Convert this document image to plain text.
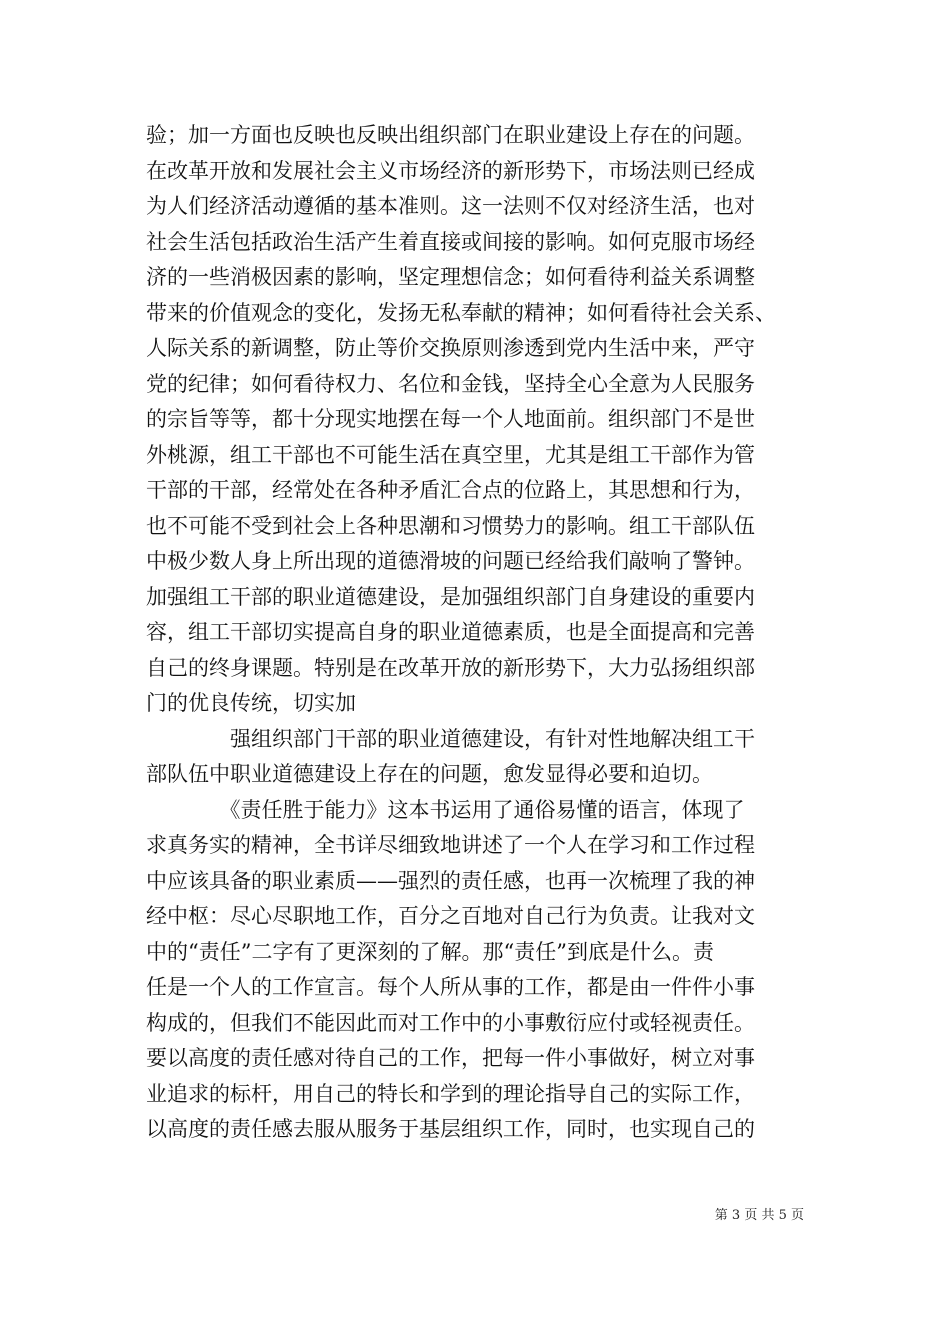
验；加一方面也反映也反映出组织部门在职业建设上存在的问题。
在改革开放和发展社会主义市场经济的新形势下，市场法则已经成
为人们经济活动遵循的基本准则。这一法则不仅对经济生活，也对
社会生活包括政治生活产生着直接或间接的影响。如何克服市场经
济的一些消极因素的影响，坚定理想信念；如何看待利益关系调整
带来的价值观念的变化，发扬无私奉献的精神；如何看待社会关系、
人际关系的新调整，防止等价交换原则渗透到党内生活中来，严守
党的纪律；如何看待权力、名位和金钱，坚持全心全意为人民服务
的宗旨等等，都十分现实地摆在每一个人地面前。组织部门不是世
外桃源，组工干部也不可能生活在真空里，尤其是组工干部作为管
干部的干部，经常处在各种矛盾汇合点的位路上，其思想和行为，
也不可能不受到社会上各种思潮和习惯势力的影响。组工干部队伍
中极少数人身上所出现的道德滑坡的问题已经给我们敲响了警钟。
加强组工干部的职业道德建设，是加强组织部门自身建设的重要内
容，组工干部切实提高自身的职业道德素质，也是全面提高和完善
自己的终身课题。特别是在改革开放的新形势下，大力弘扬组织部
门的优良传统，切实加
　　　　强组织部门干部的职业道德建设，有针对性地解决组工干
部队伍中职业道德建设上存在的问题，愈发显得必要和迫切。
　　　　《责任胜于能力》这本书运用了通俗易懂的语言，体现了
求真务实的精神，全书详尽细致地讲述了一个人在学习和工作过程
中应该具备的职业素质——强烈的责任感，也再一次梳理了我的神
经中枢：尽心尽职地工作，百分之百地对自己行为负责。让我对文
中的“责任”二字有了更深刻的了解。那“责任”到底是什么。责
任是一个人的工作宣言。每个人所从事的工作，都是由一件件小事
构成的，但我们不能因此而对工作中的小事敷衍应付或轻视责任。
要以高度的责任感对待自己的工作，把每一件小事做好，树立对事
业追求的标杆，用自己的特长和学到的理论指导自己的实际工作，
以高度的责任感去服从服务于基层组织工作，同时，也实现自己的
第 3 页 共 5 页
